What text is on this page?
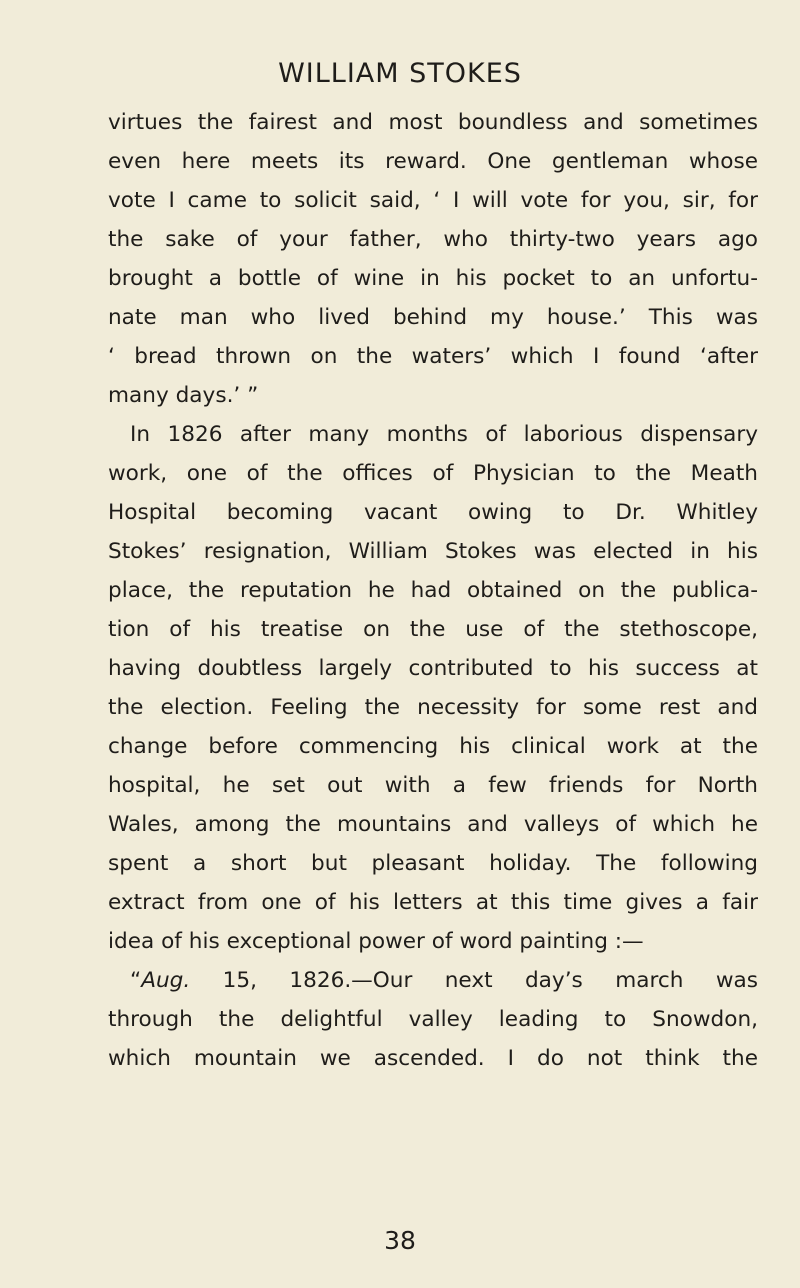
WILLIAM STOKES
virtues the fairest and most boundless and sometimes
even here meets its reward. One gentleman whose
vote I came to solicit said, ‘ I will vote for you, sir, for
the sake of your father, who thirty-two years ago
brought a bottle of wine in his pocket to an unfortu-
nate man who lived behind my house.’ This was
‘ bread thrown on the waters’ which I found ‘after
many days.’ ”
In 1826 after many months of laborious dispensary
work, one of the offices of Physician to the Meath
Hospital becoming vacant owing to Dr. Whitley
Stokes’ resignation, William Stokes was elected in his
place, the reputation he had obtained on the publica-
tion of his treatise on the use of the stethoscope,
having doubtless largely contributed to his success at
the election. Feeling the necessity for some rest and
change before commencing his clinical work at the
hospital, he set out with a few friends for North
Wales, among the mountains and valleys of which he
spent a short but pleasant holiday. The following
extract from one of his letters at this time gives a fair
idea of his exceptional power of word painting :—
“Aug. 15, 1826.—Our next day’s march was
through the delightful valley leading to Snowdon,
which mountain we ascended. I do not think the
38
